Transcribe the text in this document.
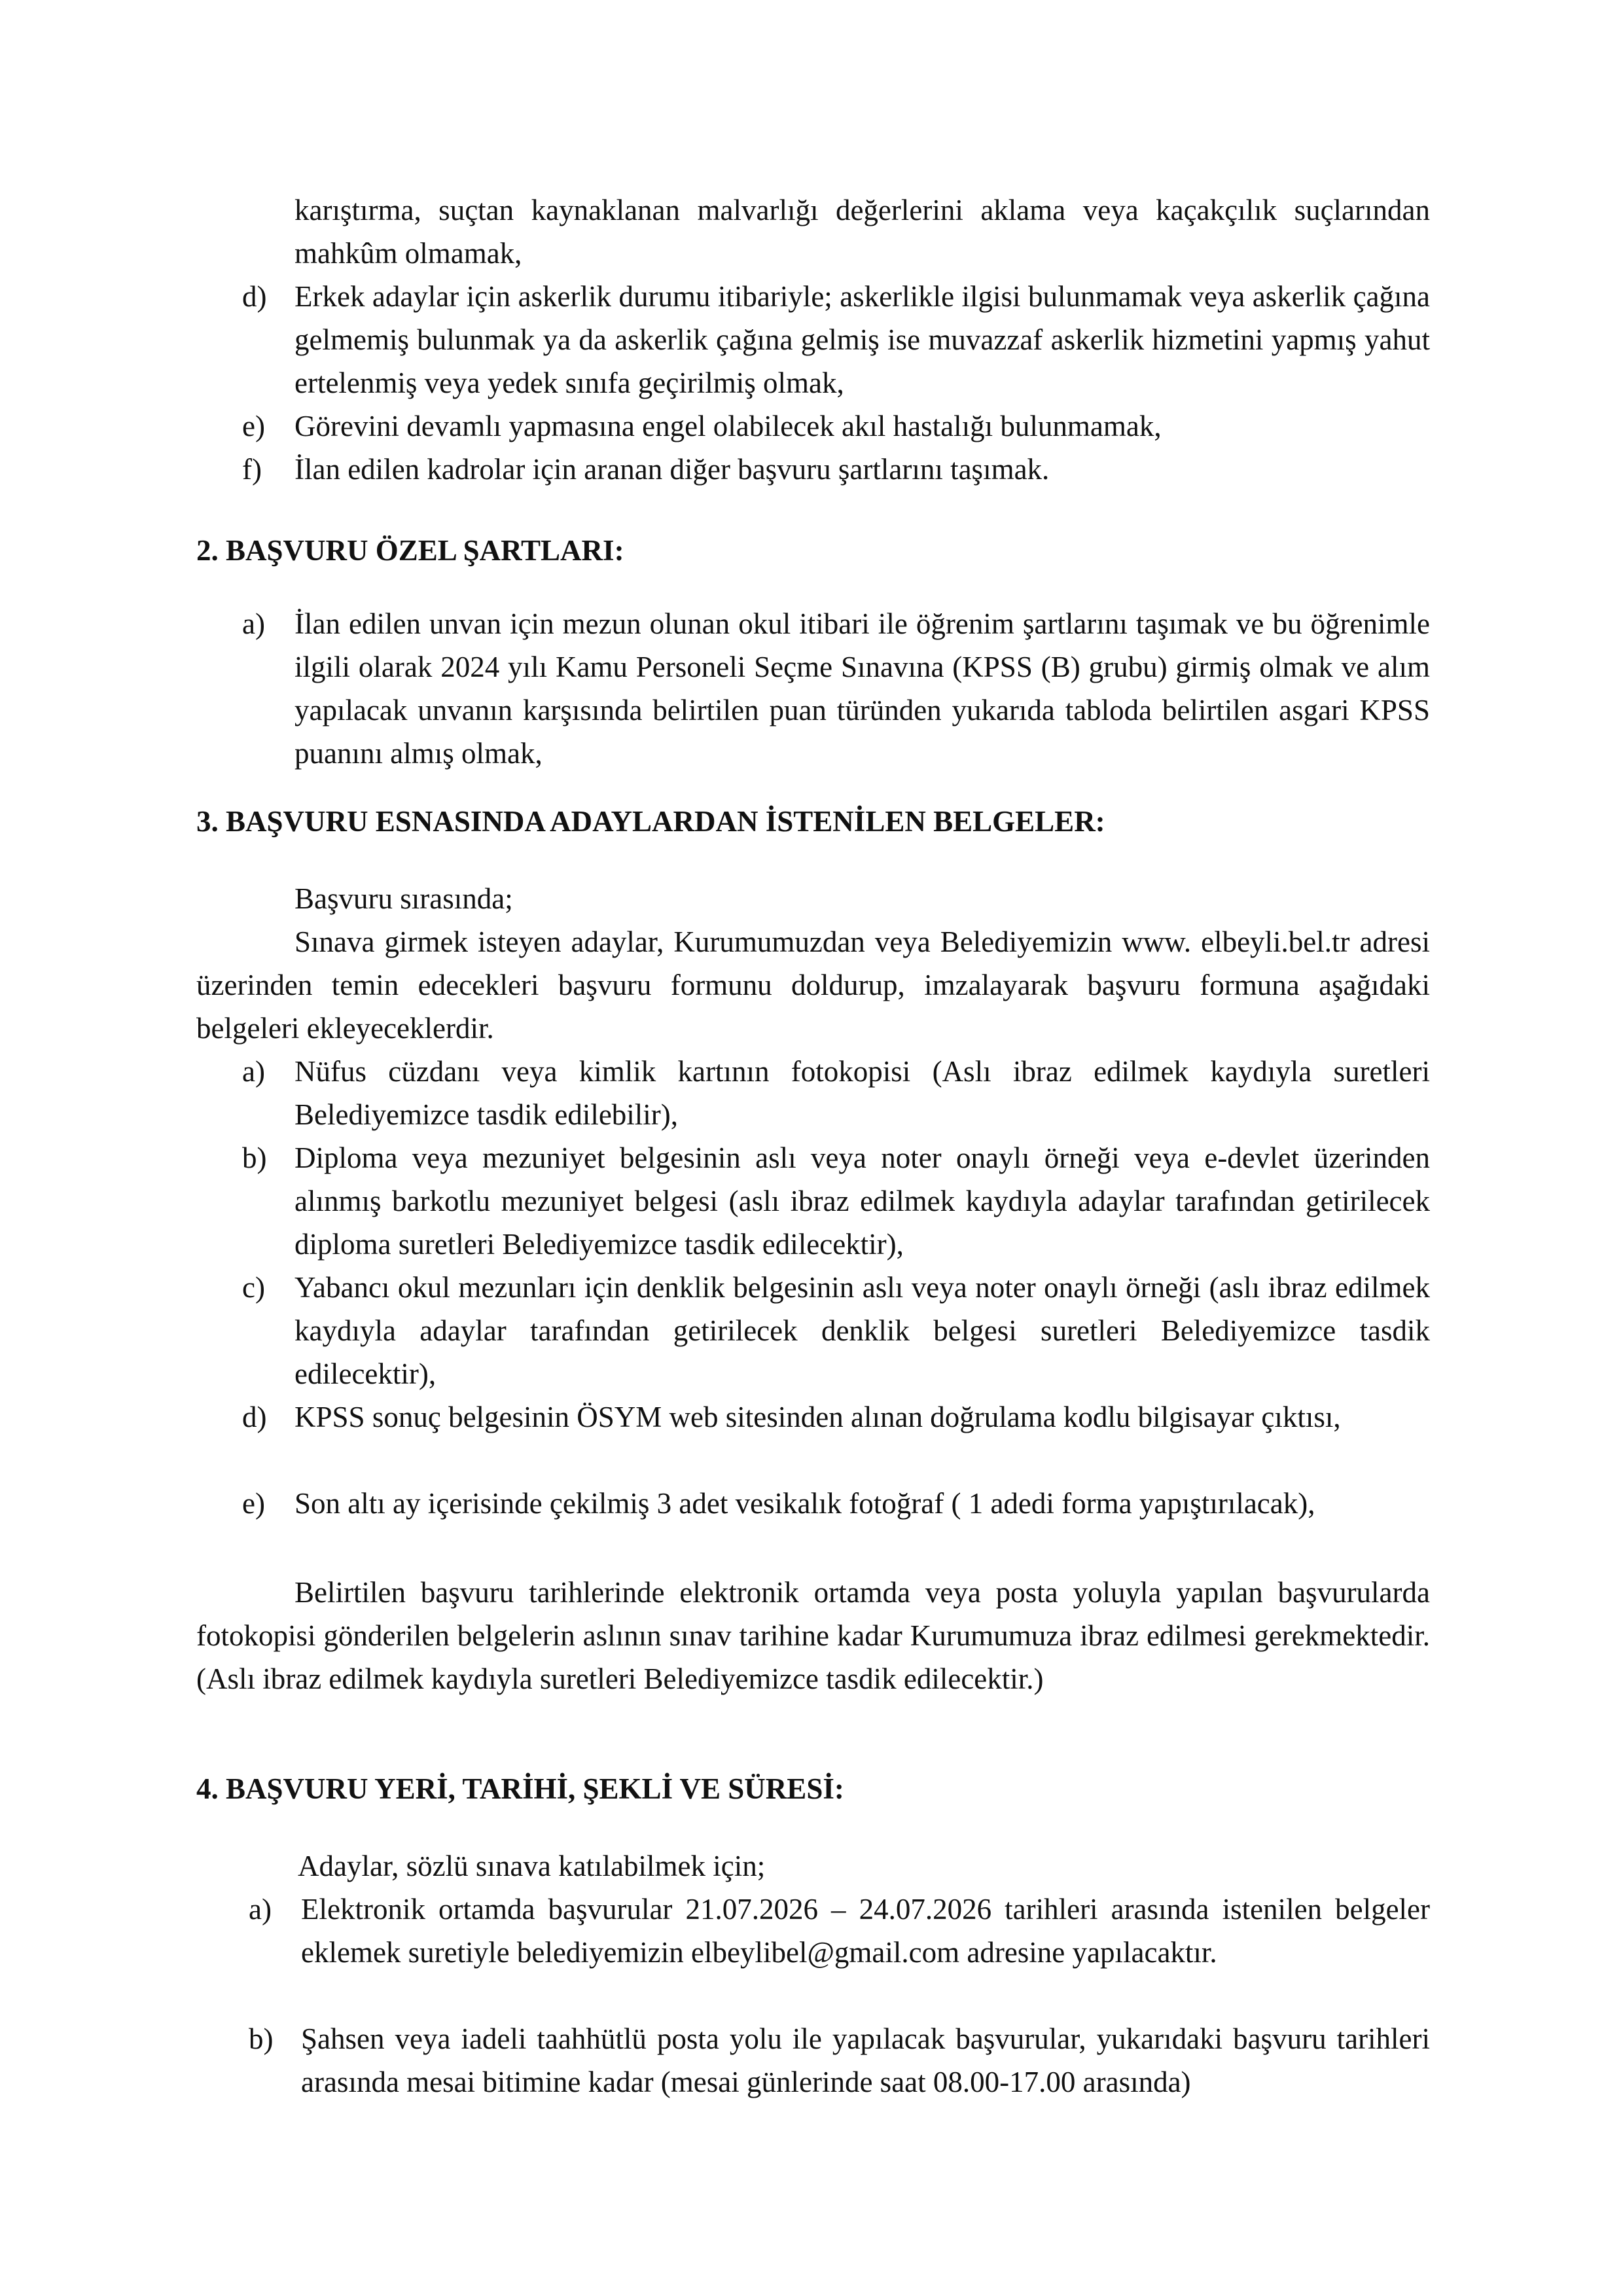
karıştırma, suçtan kaynaklanan malvarlığı değerlerini aklama veya kaçakçılık suçlarından mahkûm olmamak,
d) Erkek adaylar için askerlik durumu itibariyle; askerlikle ilgisi bulunmamak veya askerlik çağına gelmemiş bulunmak ya da askerlik çağına gelmiş ise muvazzaf askerlik hizmetini yapmış yahut ertelenmiş veya yedek sınıfa geçirilmiş olmak,
e)	Görevini devamlı yapmasına engel olabilecek akıl hastalığı bulunmamak,
f)	İlan edilen kadrolar için aranan diğer başvuru şartlarını taşımak.
2. BAŞVURU ÖZEL ŞARTLARI:
a)	İlan edilen unvan için mezun olunan okul itibari ile öğrenim şartlarını taşımak ve bu öğrenimle ilgili olarak 2024 yılı Kamu Personeli Seçme Sınavına (KPSS (B) grubu) girmiş olmak ve alım yapılacak unvanın karşısında belirtilen puan türünden yukarıda tabloda belirtilen asgari KPSS puanını almış olmak,
3. BAŞVURU ESNASINDA ADAYLARDAN İSTENİLEN BELGELER:
Başvuru sırasında;
Sınava girmek isteyen adaylar, Kurumumuzdan veya Belediyemizin www. elbeyli.bel.tr adresi üzerinden temin edecekleri başvuru formunu doldurup, imzalayarak başvuru formuna aşağıdaki belgeleri ekleyeceklerdir.
a)	Nüfus cüzdanı veya kimlik kartının fotokopisi (Aslı ibraz edilmek kaydıyla suretleri Belediyemizce tasdik edilebilir),
b) Diploma veya mezuniyet belgesinin aslı veya noter onaylı örneği veya e-devlet üzerinden alınmış barkotlu mezuniyet belgesi (aslı ibraz edilmek kaydıyla adaylar tarafından getirilecek diploma suretleri Belediyemizce tasdik edilecektir),
c)	Yabancı okul mezunları için denklik belgesinin aslı veya noter onaylı örneği (aslı ibraz edilmek kaydıyla adaylar tarafından getirilecek denklik belgesi suretleri Belediyemizce tasdik edilecektir),
d) KPSS sonuç belgesinin ÖSYM web sitesinden alınan doğrulama kodlu bilgisayar çıktısı,
e)	Son altı ay içerisinde çekilmiş 3 adet vesikalık fotoğraf ( 1 adedi forma yapıştırılacak),
Belirtilen başvuru tarihlerinde elektronik ortamda veya posta yoluyla yapılan başvurularda fotokopisi gönderilen belgelerin aslının sınav tarihine kadar Kurumumuza ibraz edilmesi gerekmektedir. (Aslı ibraz edilmek kaydıyla suretleri Belediyemizce tasdik edilecektir.)
4. BAŞVURU YERİ, TARİHİ, ŞEKLİ VE SÜRESİ:
Adaylar, sözlü sınava katılabilmek için;
a)	Elektronik ortamda başvurular 21.07.2026 – 24.07.2026 tarihleri arasında istenilen belgeler eklemek suretiyle belediyemizin elbeylibel@gmail.com adresine yapılacaktır.
b) Şahsen veya iadeli taahhütlü posta yolu ile yapılacak başvurular, yukarıdaki başvuru tarihleri arasında mesai bitimine kadar (mesai günlerinde saat 08.00-17.00 arasında)
